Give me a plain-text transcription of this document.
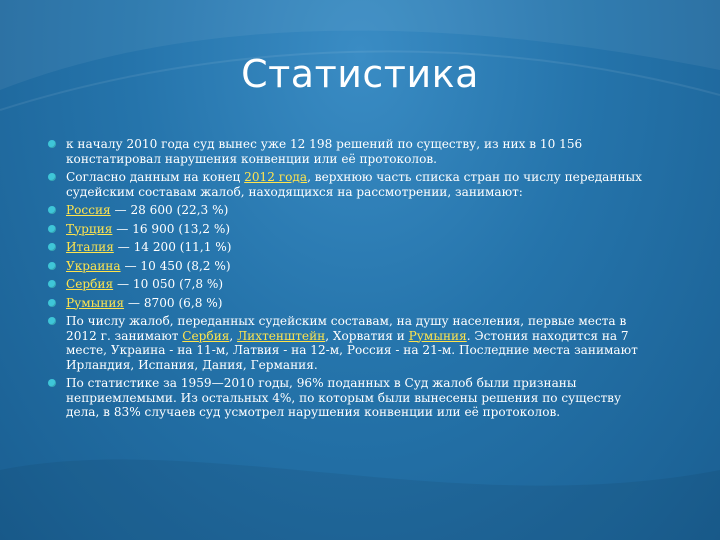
Статистика
к началу 2010 года суд вынес уже 12 198 решений по существу, из них в 10 156 констатировал нарушения конвенции или её протоколов.
Согласно данным на конец 2012 года, верхнюю часть списка стран по числу переданных судейским составам жалоб, находящихся на рассмотрении, занимают:
Россия — 28 600 (22,3 %)
Турция — 16 900 (13,2 %)
Италия — 14 200 (11,1 %)
Украина — 10 450 (8,2 %)
Сербия — 10 050 (7,8 %)
Румыния — 8700 (6,8 %)
По числу жалоб, переданных судейским составам, на душу населения, первые места в 2012 г. занимают Сербия, Лихтенштейн, Хорватия и Румыния. Эстония находится на 7 месте, Украина - на 11-м, Латвия - на 12-м, Россия - на 21-м. Последние места занимают Ирландия, Испания, Дания, Германия.
По статистике за 1959—2010 годы, 96% поданных в Суд жалоб были признаны неприемлемыми. Из остальных 4%, по которым были вынесены решения по существу дела, в 83% случаев суд усмотрел нарушения конвенции или её протоколов.
